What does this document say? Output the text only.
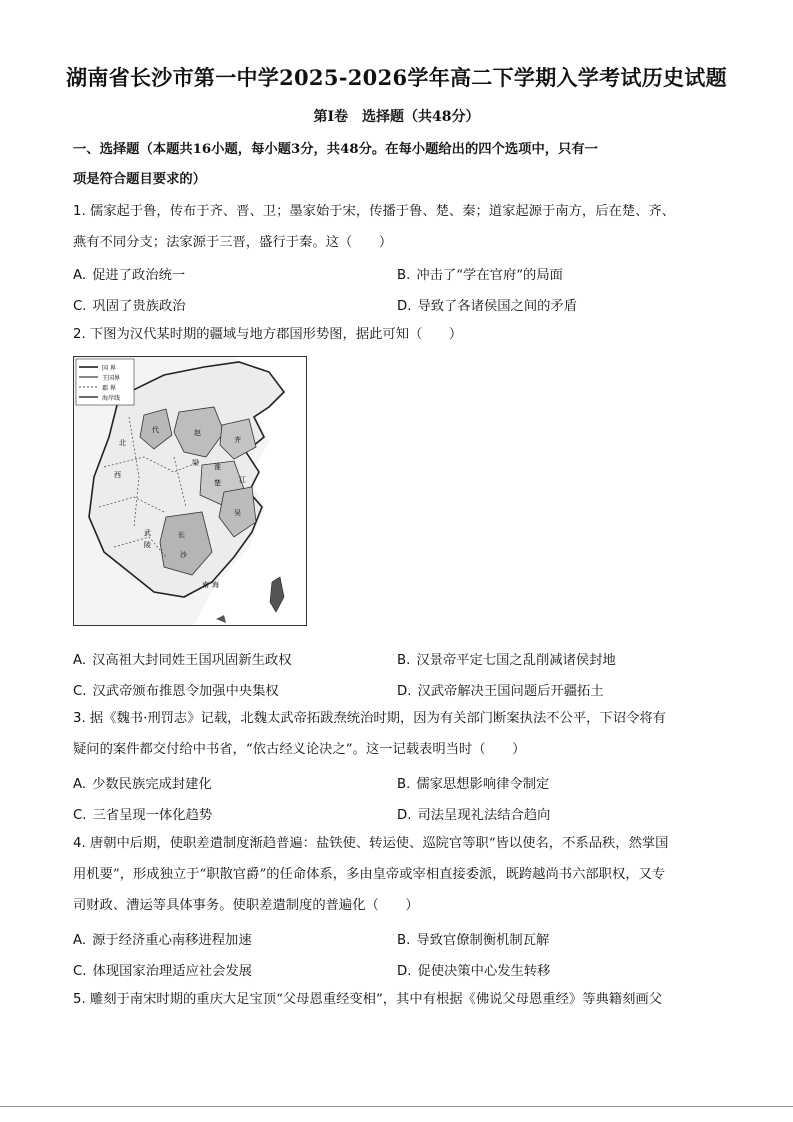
湖南省长沙市第一中学2025-2026学年高二下学期入学考试历史试题
第Ⅰ卷　选择题（共48分）
一、选择题（本题共16小题，每小题3分，共48分。在每小题给出的四个选项中，只有一
项是符合题目要求的）
1. 儒家起于鲁，传布于齐、晋、卫；墨家始于宋，传播于鲁、楚、秦；道家起源于南方，后在楚、齐、
燕有不同分支；法家源于三晋，盛行于秦。这（　　）
A. 促进了政治统一	B. 冲击了“学在官府”的局面
C. 巩固了贵族政治	D. 导致了各诸侯国之间的矛盾
2. 下图为汉代某时期的疆域与地方郡国形势图，据此可知（　　）
国 界
王国界
郡 界
海岸线
代	赵
齐
江
吴
长
沙
淮
楚
梁
北
西
武
陵
南 海
A. 汉高祖大封同姓王国巩固新生政权	B. 汉景帝平定七国之乱削减诸侯封地
C. 汉武帝颁布推恩令加强中央集权	D. 汉武帝解决王国问题后开疆拓土
3. 据《魏书·刑罚志》记载，北魏太武帝拓跋焘统治时期，因为有关部门断案执法不公平，下诏令将有
疑问的案件都交付给中书省，“依古经义论决之”。这一记载表明当时（　　）
A. 少数民族完成封建化	B. 儒家思想影响律令制定
C. 三省呈现一体化趋势	D. 司法呈现礼法结合趋向
4. 唐朝中后期，使职差遣制度渐趋普遍：盐铁使、转运使、巡院官等职“皆以使名，不系品秩，然掌国
用机要”，形成独立于“职散官爵”的任命体系，多由皇帝或宰相直接委派，既跨越尚书六部职权，又专
司财政、漕运等具体事务。使职差遣制度的普遍化（　　）
A. 源于经济重心南移进程加速	B. 导致官僚制衡机制瓦解
C. 体现国家治理适应社会发展	D. 促使决策中心发生转移
5. 雕刻于南宋时期的重庆大足宝顶“父母恩重经变相”，其中有根据《佛说父母恩重经》等典籍刻画父
